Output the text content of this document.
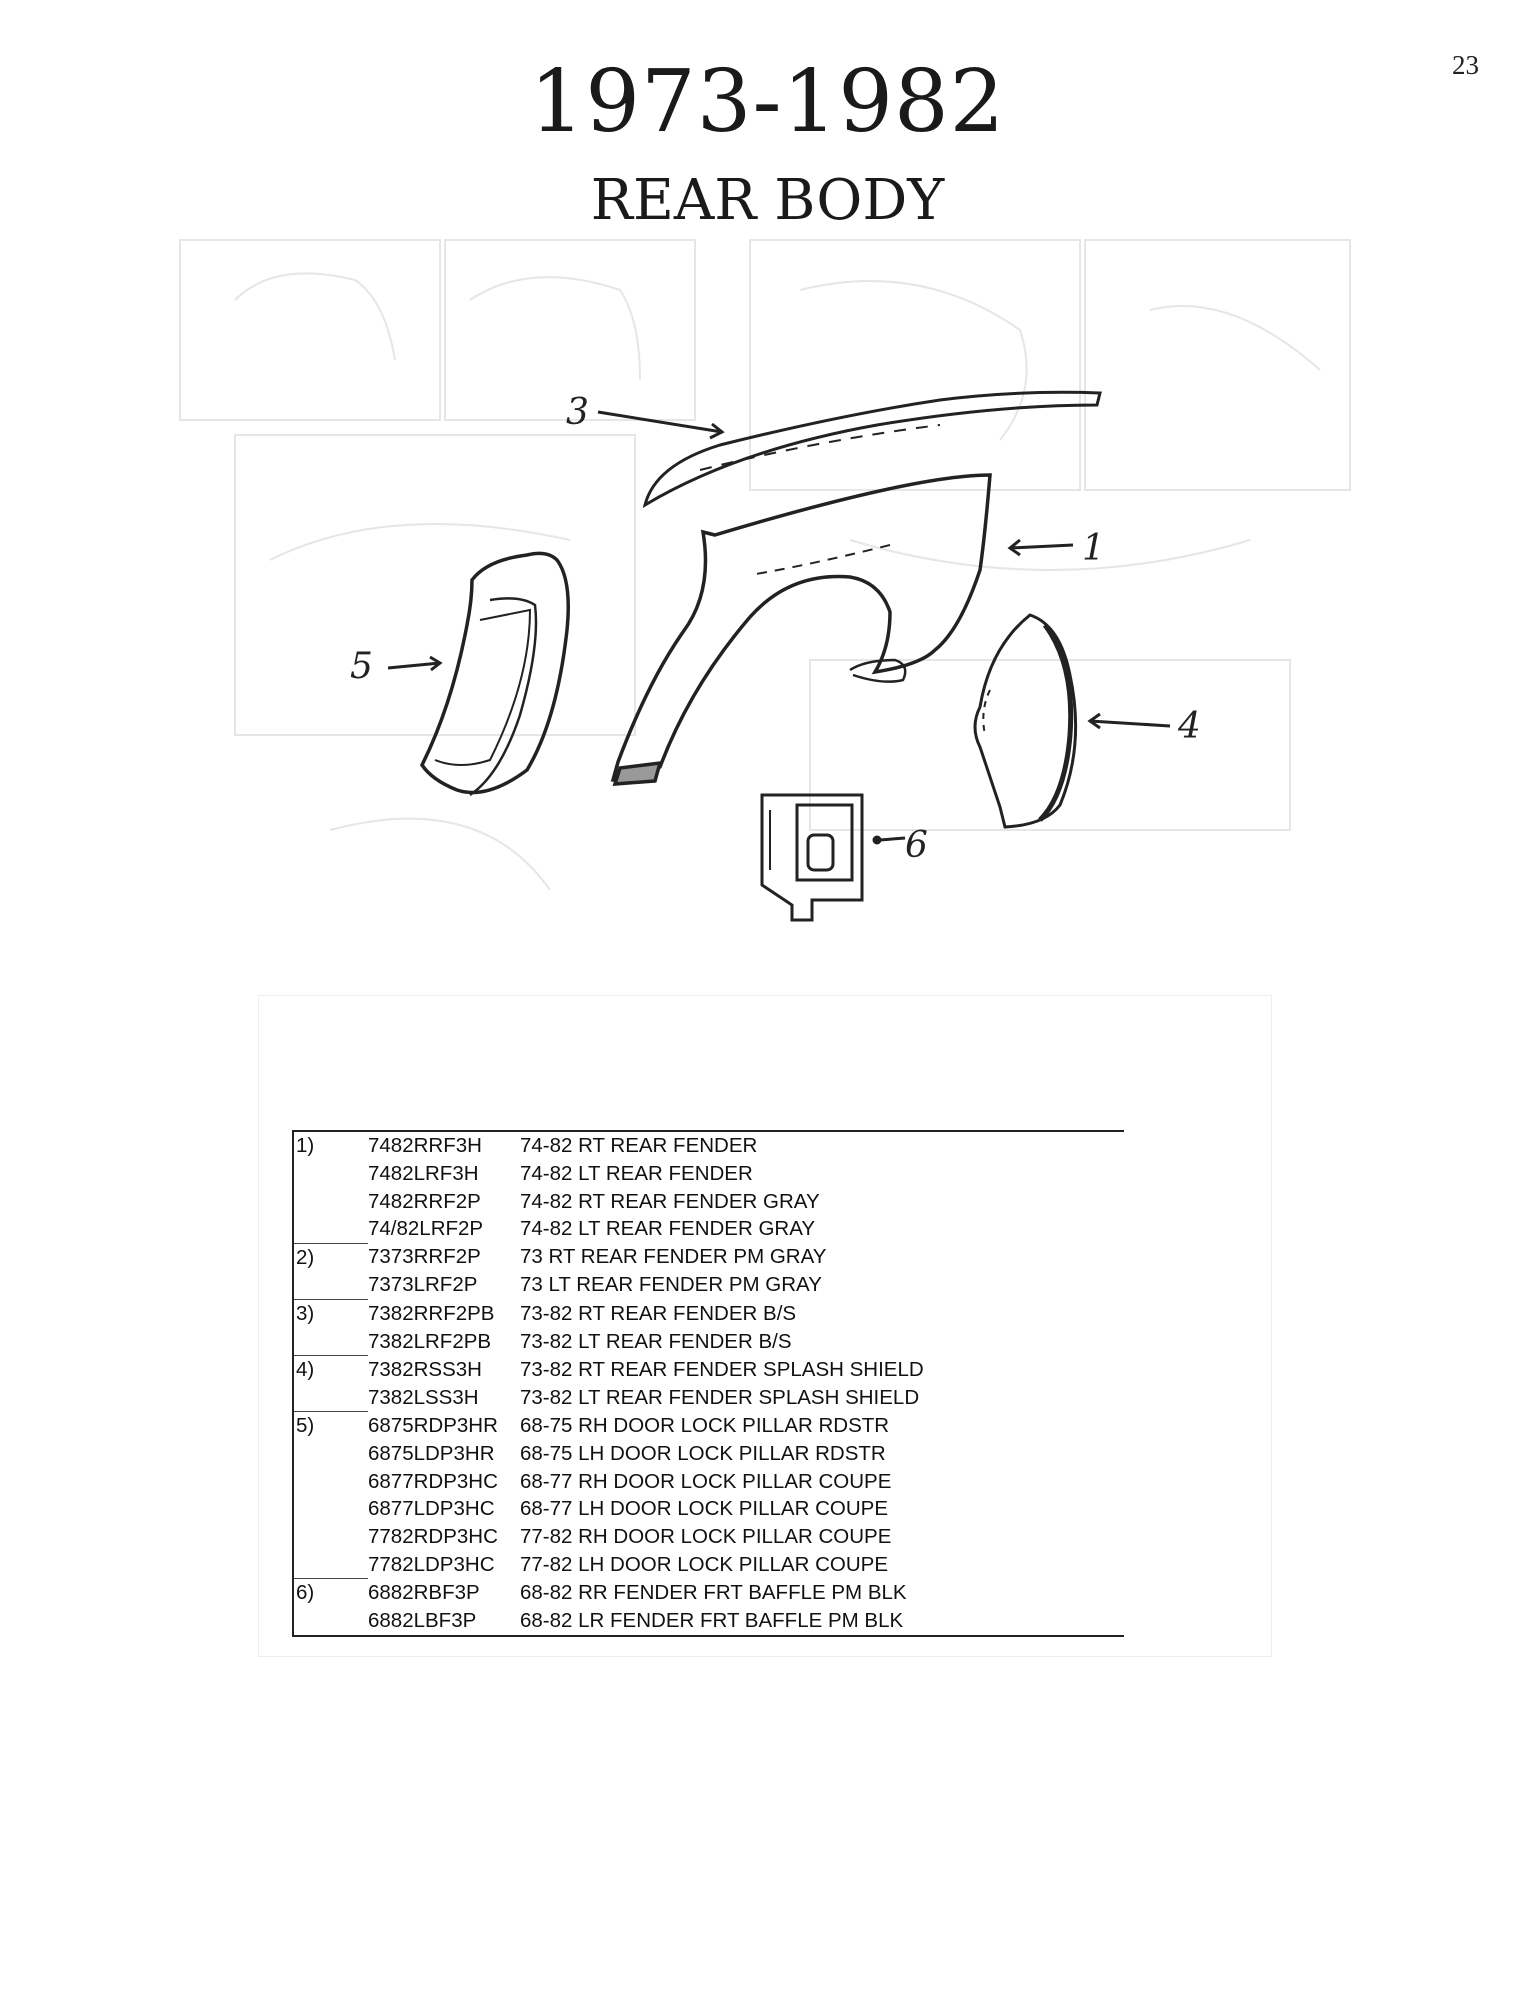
23
1973-1982
REAR BODY
3
1
5
4
6
1)	7482RRF3H	74-82 RT REAR FENDER
	7482LRF3H	74-82 LT REAR FENDER
	7482RRF2P	74-82 RT REAR FENDER GRAY
	74/82LRF2P	74-82 LT REAR FENDER GRAY
2)	7373RRF2P	73 RT REAR FENDER PM GRAY
	7373LRF2P	73 LT REAR FENDER PM GRAY
3)	7382RRF2PB	73-82 RT REAR FENDER B/S
	7382LRF2PB	73-82 LT REAR FENDER B/S
4)	7382RSS3H	73-82 RT REAR FENDER SPLASH SHIELD
	7382LSS3H	73-82 LT REAR FENDER SPLASH SHIELD
5)	6875RDP3HR	68-75 RH DOOR LOCK PILLAR RDSTR
	6875LDP3HR	68-75 LH DOOR LOCK PILLAR RDSTR
	6877RDP3HC	68-77 RH DOOR LOCK PILLAR COUPE
	6877LDP3HC	68-77 LH DOOR LOCK PILLAR COUPE
	7782RDP3HC	77-82 RH DOOR LOCK PILLAR COUPE
	7782LDP3HC	77-82 LH DOOR LOCK PILLAR COUPE
6)	6882RBF3P	68-82 RR FENDER FRT BAFFLE PM BLK
	6882LBF3P	68-82 LR FENDER FRT BAFFLE PM BLK
